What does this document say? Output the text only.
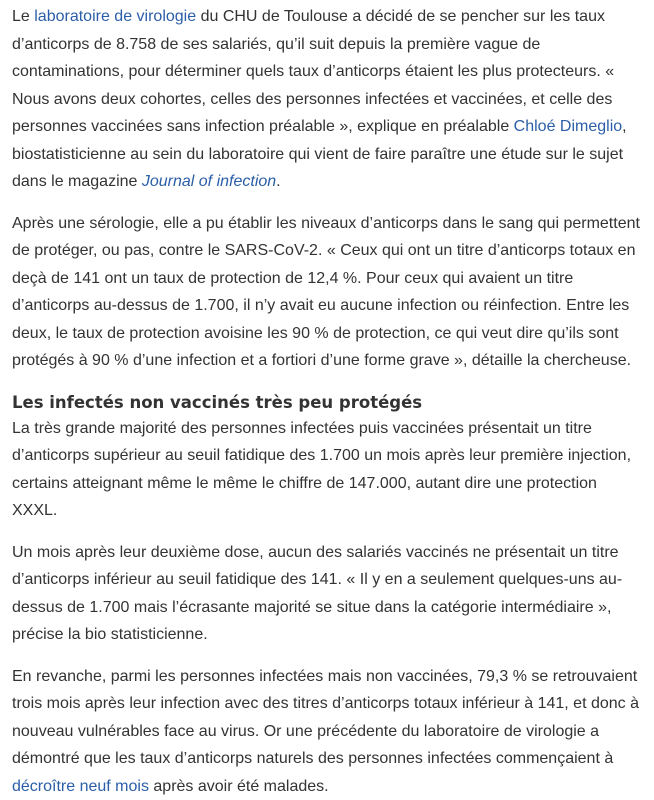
Le laboratoire de virologie du CHU de Toulouse a décidé de se pencher sur les taux d’anticorps de 8.758 de ses salariés, qu’il suit depuis la première vague de contaminations, pour déterminer quels taux d’anticorps étaient les plus protecteurs. « Nous avons deux cohortes, celles des personnes infectées et vaccinées, et celle des personnes vaccinées sans infection préalable », explique en préalable Chloé Dimeglio, biostatisticienne au sein du laboratoire qui vient de faire paraître une étude sur le sujet dans le magazine Journal of infection.

Après une sérologie, elle a pu établir les niveaux d’anticorps dans le sang qui permettent de protéger, ou pas, contre le SARS-CoV-2. « Ceux qui ont un titre d’anticorps totaux en deçà de 141 ont un taux de protection de 12,4 %. Pour ceux qui avaient un titre d’anticorps au-dessus de 1.700, il n’y avait eu aucune infection ou réinfection. Entre les deux, le taux de protection avoisine les 90 % de protection, ce qui veut dire qu’ils sont protégés à 90 % d’une infection et a fortiori d’une forme grave », détaille la chercheuse.

Les infectés non vaccinés très peu protégés

La très grande majorité des personnes infectées puis vaccinées présentait un titre d’anticorps supérieur au seuil fatidique des 1.700 un mois après leur première injection, certains atteignant même le même le chiffre de 147.000, autant dire une protection XXXL.

Un mois après leur deuxième dose, aucun des salariés vaccinés ne présentait un titre d’anticorps inférieur au seuil fatidique des 141. « Il y en a seulement quelques-uns au-dessus de 1.700 mais l’écrasante majorité se situe dans la catégorie intermédiaire », précise la bio statisticienne.

En revanche, parmi les personnes infectées mais non vaccinées, 79,3 % se retrouvaient trois mois après leur infection avec des titres d’anticorps totaux inférieur à 141, et donc à nouveau vulnérables face au virus. Or une précédente du laboratoire de virologie a démontré que les taux d’anticorps naturels des personnes infectées commençaient à décroître neuf mois après avoir été malades.
